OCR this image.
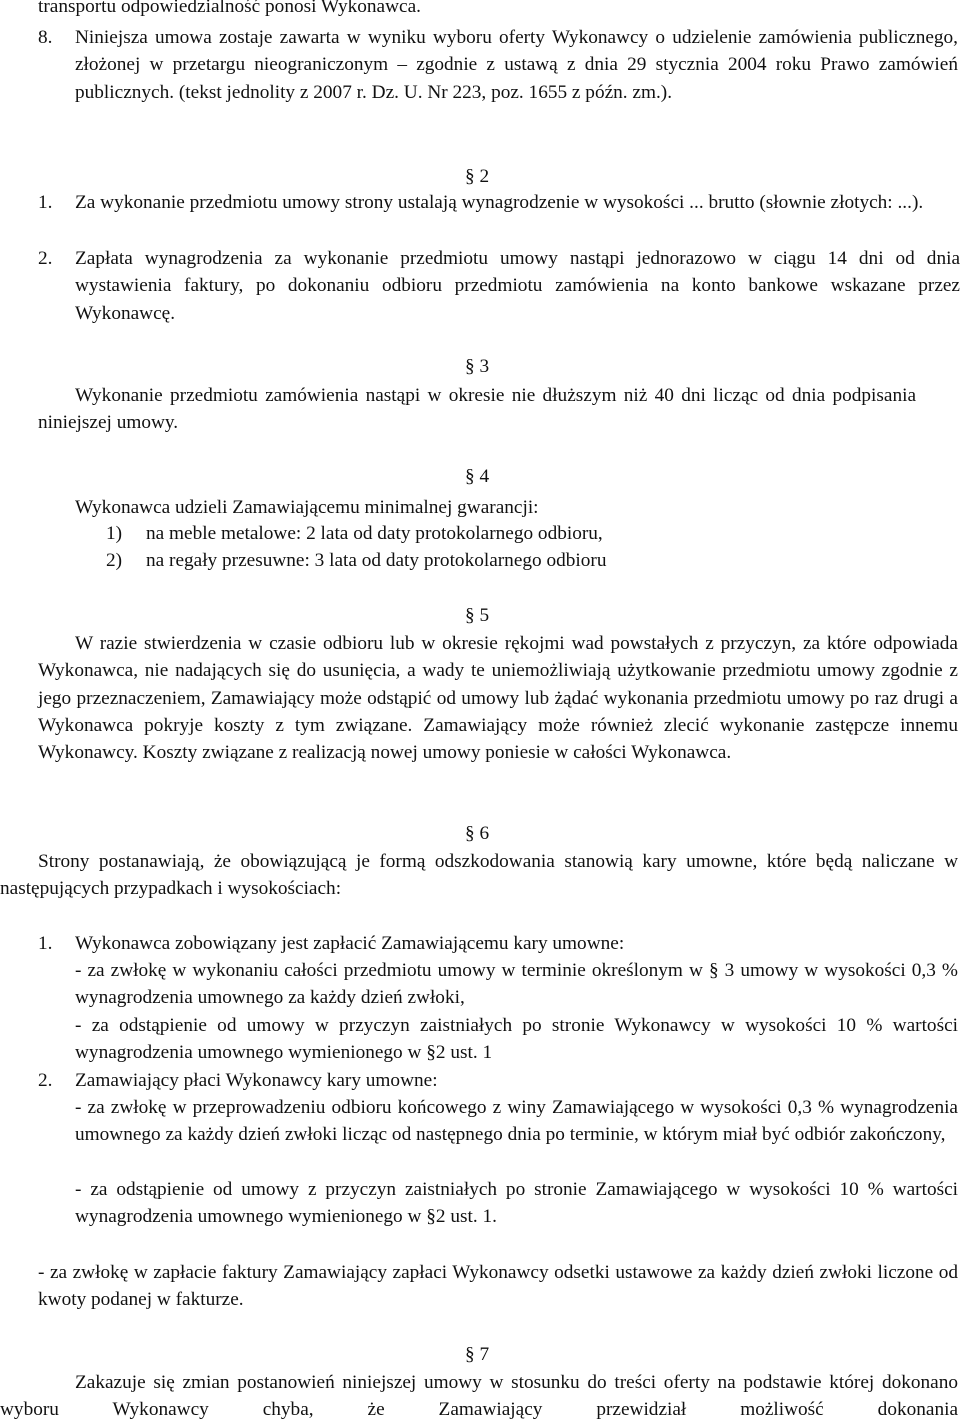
transportu odpowiedzialność ponosi Wykonawca.
8. Niniejsza umowa zostaje zawarta w wyniku wyboru oferty Wykonawcy o udzielenie zamówienia publicznego, złożonej w przetargu nieograniczonym – zgodnie z ustawą z dnia 29 stycznia 2004 roku Prawo zamówień publicznych. (tekst jednolity z 2007 r. Dz. U. Nr 223, poz. 1655 z późn. zm.).
§ 2
1. Za wykonanie przedmiotu umowy strony ustalają wynagrodzenie w wysokości ... brutto (słownie złotych: ...).
2. Zapłata wynagrodzenia za wykonanie przedmiotu umowy nastąpi jednorazowo w ciągu 14 dni od dnia wystawienia faktury, po dokonaniu odbioru przedmiotu zamówienia na konto bankowe wskazane przez Wykonawcę.
§ 3
Wykonanie przedmiotu zamówienia nastąpi w okresie nie dłuższym niż 40 dni licząc od dnia podpisania niniejszej umowy.
§ 4
Wykonawca udzieli Zamawiającemu minimalnej gwarancji:
1) na meble metalowe: 2 lata od daty protokolarnego odbioru,
2) na regały przesuwne: 3 lata od daty protokolarnego odbioru
§ 5
W razie stwierdzenia w czasie odbioru lub w okresie rękojmi wad powstałych z przyczyn, za które odpowiada Wykonawca, nie nadających się do usunięcia, a wady te uniemożliwiają użytkowanie przedmiotu umowy zgodnie z jego przeznaczeniem, Zamawiający może odstąpić od umowy lub żądać wykonania przedmiotu umowy po raz drugi a Wykonawca pokryje koszty z tym związane. Zamawiający może również zlecić wykonanie zastępcze innemu Wykonawcy. Koszty związane z realizacją nowej umowy poniesie w całości Wykonawca.
§ 6
Strony postanawiają, że obowiązującą je formą odszkodowania stanowią kary umowne, które będą naliczane w następujących przypadkach i wysokościach:
1. Wykonawca zobowiązany jest zapłacić Zamawiającemu kary umowne:
- za zwłokę w wykonaniu całości przedmiotu umowy w terminie określonym w § 3 umowy w wysokości 0,3 % wynagrodzenia umownego za każdy dzień zwłoki,
- za odstąpienie od umowy w przyczyn zaistniałych po stronie Wykonawcy w wysokości 10 % wartości wynagrodzenia umownego wymienionego w §2 ust. 1
2. Zamawiający płaci Wykonawcy kary umowne:
- za zwłokę w przeprowadzeniu odbioru końcowego z winy Zamawiającego w wysokości 0,3 % wynagrodzenia umownego za każdy dzień zwłoki licząc od następnego dnia po terminie, w którym miał być odbiór zakończony,
- za odstąpienie od umowy z przyczyn zaistniałych po stronie Zamawiającego w wysokości 10 % wartości wynagrodzenia umownego wymienionego w §2 ust. 1.
- za zwłokę w zapłacie faktury Zamawiający zapłaci Wykonawcy odsetki ustawowe za każdy dzień zwłoki liczone od kwoty podanej w fakturze.
§ 7
Zakazuje się zmian postanowień niniejszej umowy w stosunku do treści oferty na podstawie której dokonano wyboru Wykonawcy chyba, że Zamawiający przewidział możliwość dokonania
